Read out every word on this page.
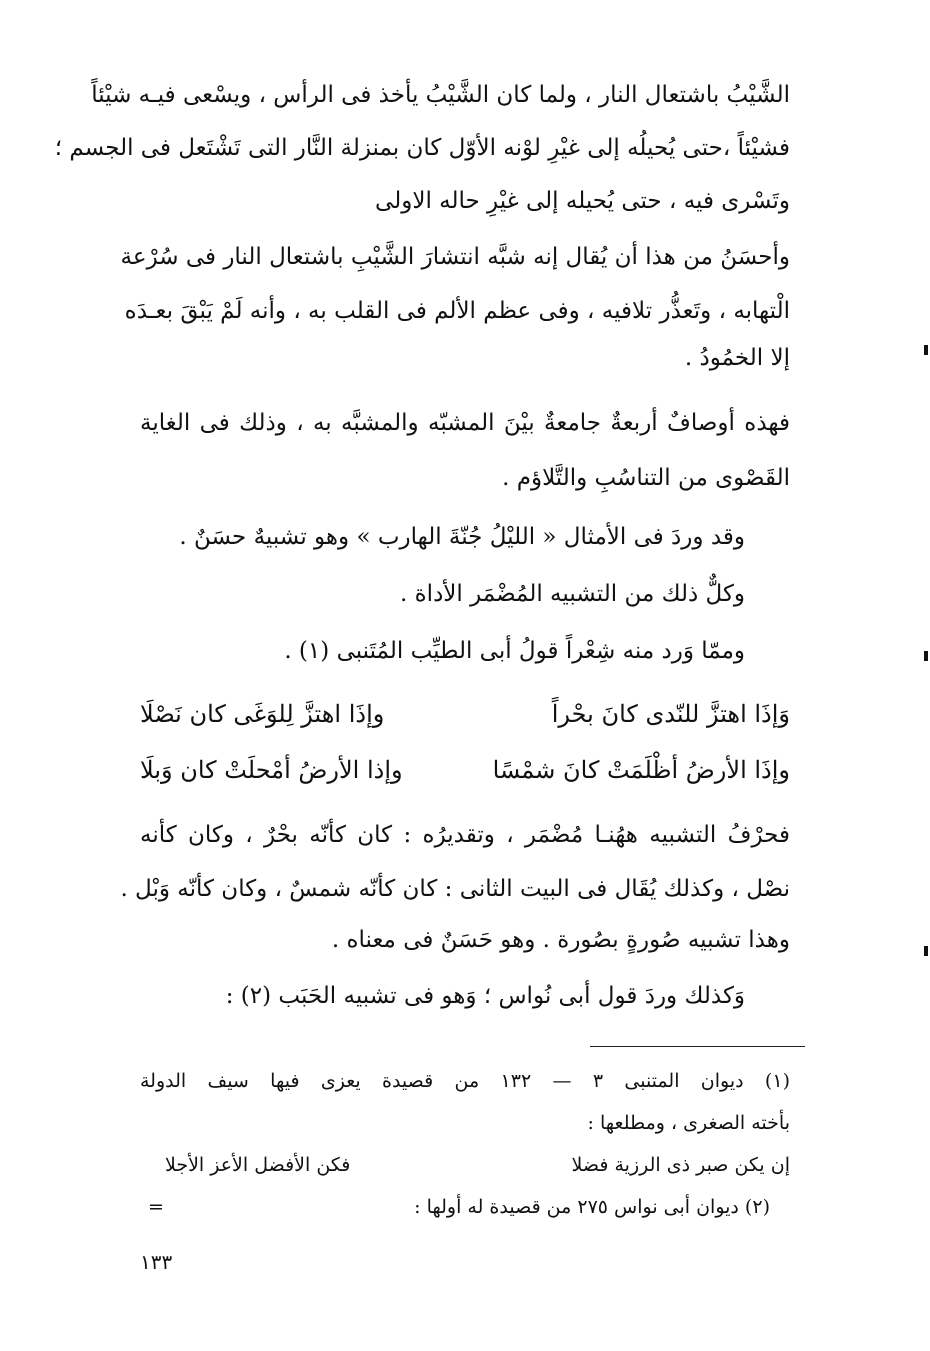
الشَّيْبُ باشتعال النار ، ولما كان الشَّيْبُ يأخذ فى الرأس ، ويسْعى فيـه شيْئاً
فشيْئاً ،حتى يُحيلُه إلى غيْرِ لوْنه الأوّل كان بمنزلة النَّار التى تَشْتَعل فى الجسم ؛
وتَسْرى فيه ، حتى يُحيله إلى غيْرِ حاله الاولى
وأحسَنُ من هذا أن يُقال إنه شبَّه انتشارَ الشَّيْبِ باشتعال النار فى سُرْعة
الْتهابه ، وتَعذُّر تلافيه ، وفى عظم الألم فى القلب به ، وأنه لَمْ يَبْقَ بعـدَه
إلا الخمُودُ .
فهذه أوصافٌ أربعةٌ جامعةٌ بيْنَ المشبّه والمشبَّه به ، وذلك فى الغاية
القَصْوى من التناسُبِ والتَّلاؤم .
وقد وردَ فى الأمثال « الليْلُ جُنّةَ الهارب » وهو تشبيهٌ حسَنٌ .
وكلٌّ ذلك من التشبيه المُضْمَر الأداة .
وممّا وَرد منه شِعْراً قولُ أبى الطيِّب المُتَنبى (١) .
وَإذَا اهتزَّ للنّدى كانَ بحْراً
وإذَا اهتزَّ لِلوَغَى كان نَصْلَا
وإذَا الأرضُ أظْلَمَتْ كانَ شمْسًا
وإذا الأرضُ أمْحلَتْ كان وَبلَا
فحرْفُ التشبيه ههُنـا مُضْمَر ، وتقديرُه : كان كأنّه بحْرٌ ، وكان كأنه
نصْل ، وكذلك يُقَال فى البيت الثانى : كان كأنّه شمسٌ ، وكان كأنّه وَبْل .
وهذا تشبيه صُورةٍ بصُورة . وهو حَسَنٌ فى معناه .
وَكذلك وردَ قول أبى نُواس ؛ وَهو فى تشبيه الحَبَب (٢) :
(١) ديوان المتنبى ٣ — ١٣٢ من قصيدة يعزى فيها سيف الدولة
بأخته الصغرى ، ومطلعها :
إن يكن صبر ذى الرزية فضلا
فكن الأفضل الأعز الأجلا
(٢) ديوان أبى نواس ٢٧٥ من قصيدة له أولها :
=
١٣٣
